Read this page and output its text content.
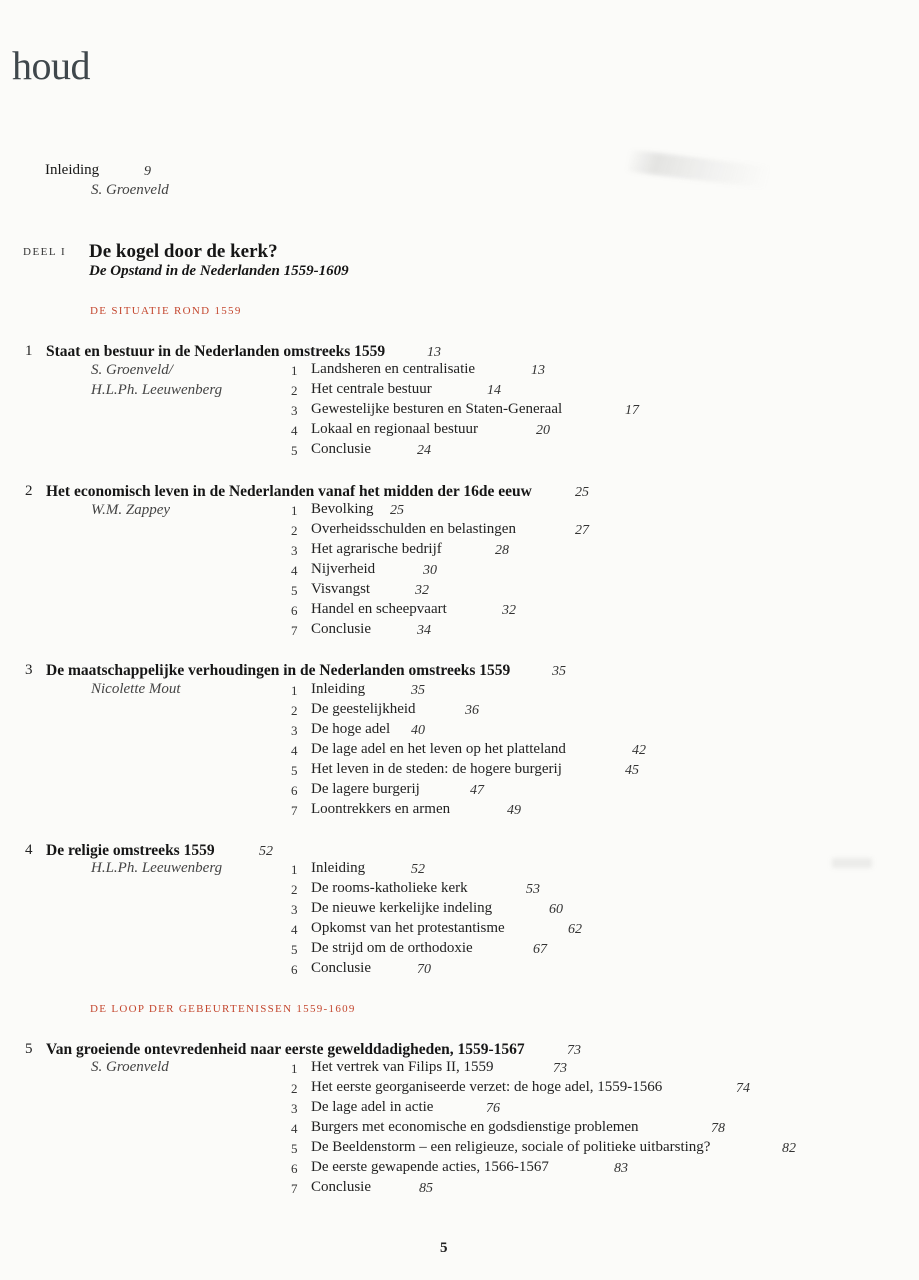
houd
Inleiding	9
S. Groenveld
DEEL I De kogel door de kerk?
De Opstand in de Nederlanden 1559-1609
DE SITUATIE ROND 1559
1 Staat en bestuur in de Nederlanden omstreeks 1559	13
S. Groenveld/
H.L.Ph. Leeuwenberg
1 Landsheren en centralisatie	13
2 Het centrale bestuur	14
3 Gewestelijke besturen en Staten-Generaal	17
4 Lokaal en regionaal bestuur	20
5 Conclusie	24
2 Het economisch leven in de Nederlanden vanaf het midden der 16de eeuw	25
W.M. Zappey	1 Bevolking 25
2 Overheidsschulden en belastingen	27
3 Het agrarische bedrijf	28
4 Nijverheid	30
5 Visvangst	32
6 Handel en scheepvaart	32
7 Conclusie	34
3 De maatschappelijke verhoudingen in de Nederlanden omstreeks 1559	35
Nicolette Mout	1 Inleiding	35
2 De geestelijkheid	36
3 De hoge adel 40
4 De lage adel en het leven op het platteland	42
5 Het leven in de steden: de hogere burgerij	45
6 De lagere burgerij	47
7 Loontrekkers en armen	49
4 De religie omstreeks 1559	52
H.L.Ph. Leeuwenberg	1 Inleiding	52
2 De rooms-katholieke kerk	53
3 De nieuwe kerkelijke indeling	60
4 Opkomst van het protestantisme	62
5 De strijd om de orthodoxie	67
6 Conclusie	70
DE LOOP DER GEBEURTENISSEN 1559-1609
5 Van groeiende ontevredenheid naar eerste gewelddadigheden, 1559-1567	73
S. Groenveld	1 Het vertrek van Filips II, 1559	73
2 Het eerste georganiseerde verzet: de hoge adel, 1559-1566	74
3 De lage adel in actie	76
4 Burgers met economische en godsdienstige problemen	78
5 De Beeldenstorm – een religieuze, sociale of politieke uitbarsting?	82
6 De eerste gewapende acties, 1566-1567	83
7 Conclusie	85
5
